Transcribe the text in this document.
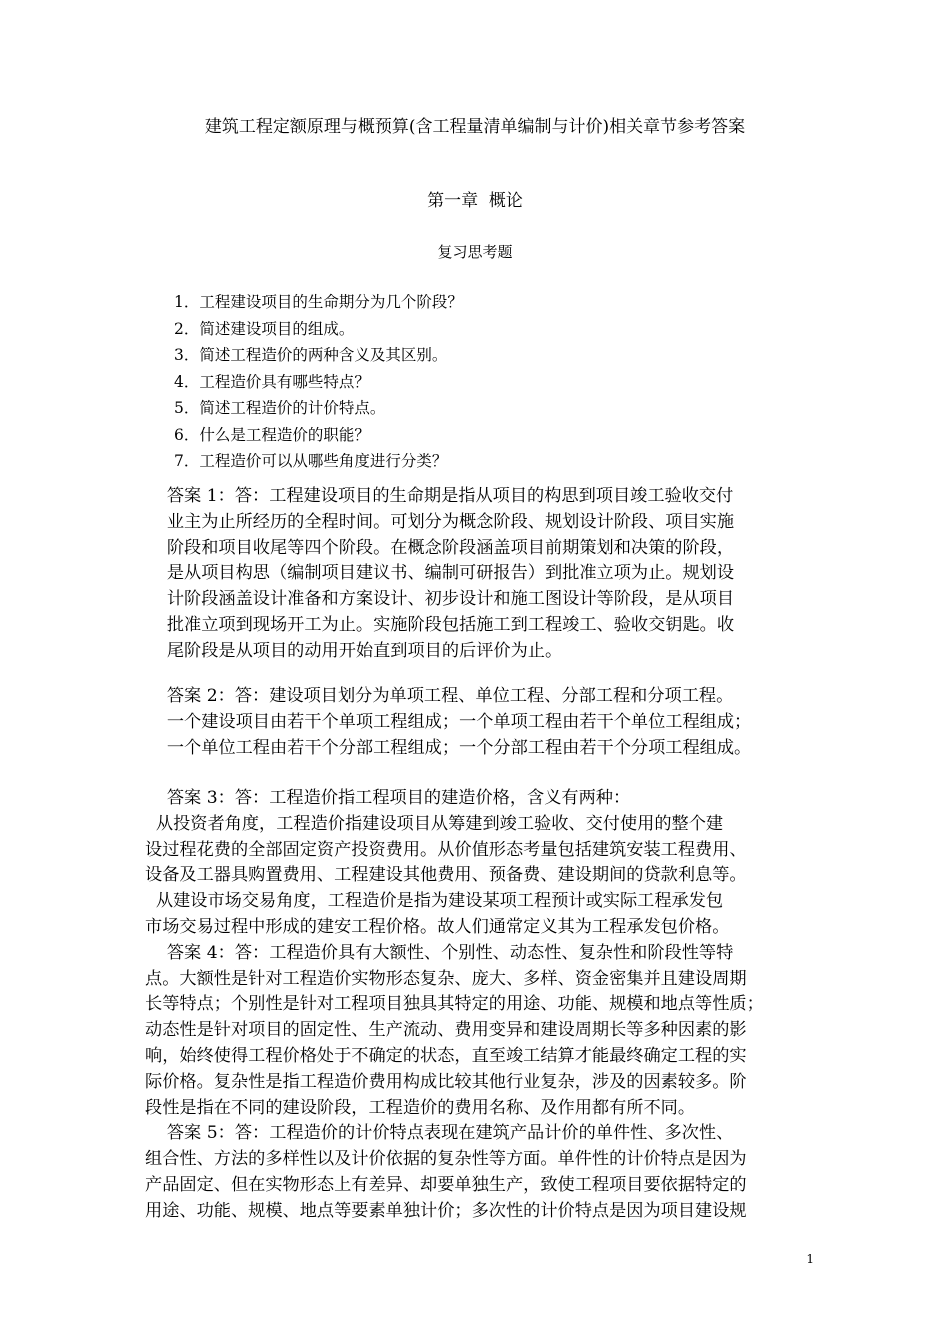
建筑工程定额原理与概预算(含工程量清单编制与计价)相关章节参考答案
第一章  概论
复习思考题
1．工程建设项目的生命期分为几个阶段？
2．简述建设项目的组成。
3．简述工程造价的两种含义及其区别。
4．工程造价具有哪些特点？
5．简述工程造价的计价特点。
6．什么是工程造价的职能？
7．工程造价可以从哪些角度进行分类？
答案 1：答：工程建设项目的生命期是指从项目的构思到项目竣工验收交付
业主为止所经历的全程时间。可划分为概念阶段、规划设计阶段、项目实施
阶段和项目收尾等四个阶段。在概念阶段涵盖项目前期策划和决策的阶段，
是从项目构思（编制项目建议书、编制可研报告）到批准立项为止。规划设
计阶段涵盖设计准备和方案设计、初步设计和施工图设计等阶段，是从项目
批准立项到现场开工为止。实施阶段包括施工到工程竣工、验收交钥匙。收
尾阶段是从项目的动用开始直到项目的后评价为止。
答案 2：答：建设项目划分为单项工程、单位工程、分部工程和分项工程。
一个建设项目由若干个单项工程组成；一个单项工程由若干个单位工程组成；
一个单位工程由若干个分部工程组成；一个分部工程由若干个分项工程组成。
答案 3：答：工程造价指工程项目的建造价格，含义有两种：
从投资者角度，工程造价指建设项目从筹建到竣工验收、交付使用的整个建
设过程花费的全部固定资产投资费用。从价值形态考量包括建筑安装工程费用、
设备及工器具购置费用、工程建设其他费用、预备费、建设期间的贷款利息等。
从建设市场交易角度，工程造价是指为建设某项工程预计或实际工程承发包
市场交易过程中形成的建安工程价格。故人们通常定义其为工程承发包价格。
答案 4：答：工程造价具有大额性、个别性、动态性、复杂性和阶段性等特
点。大额性是针对工程造价实物形态复杂、庞大、多样、资金密集并且建设周期
长等特点；个别性是针对工程项目独具其特定的用途、功能、规模和地点等性质；
动态性是针对项目的固定性、生产流动、费用变异和建设周期长等多种因素的影
响，始终使得工程价格处于不确定的状态，直至竣工结算才能最终确定工程的实
际价格。复杂性是指工程造价费用构成比较其他行业复杂，涉及的因素较多。阶
段性是指在不同的建设阶段，工程造价的费用名称、及作用都有所不同。
答案 5：答：工程造价的计价特点表现在建筑产品计价的单件性、多次性、
组合性、方法的多样性以及计价依据的复杂性等方面。单件性的计价特点是因为
产品固定、但在实物形态上有差异、却要单独生产，致使工程项目要依据特定的
用途、功能、规模、地点等要素单独计价；多次性的计价特点是因为项目建设规
1
